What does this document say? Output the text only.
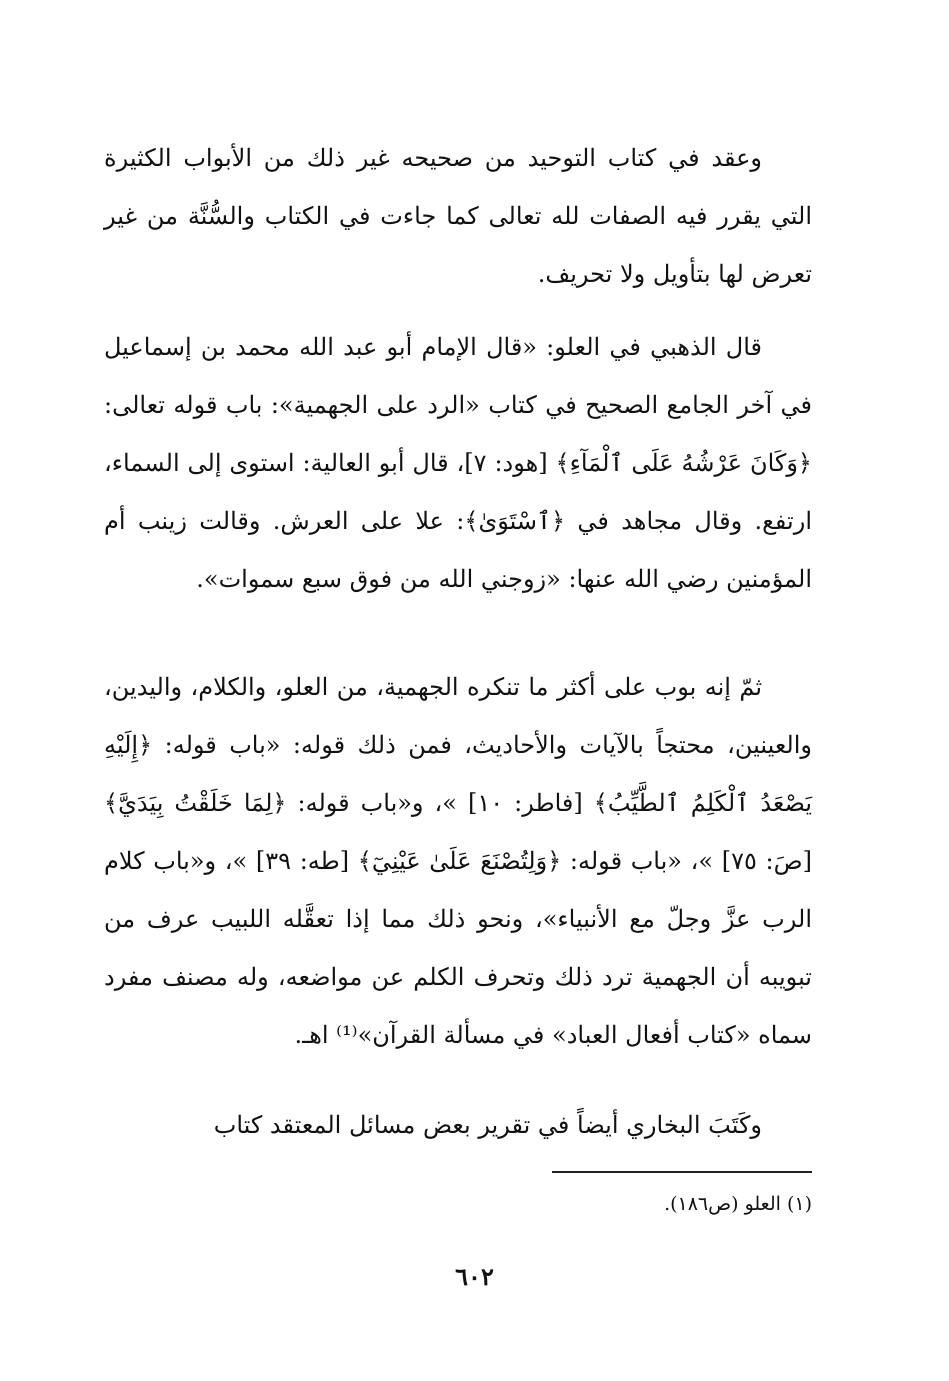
وعقد في كتاب التوحيد من صحيحه غير ذلك من الأبواب الكثيرة التي يقرر فيه الصفات لله تعالى كما جاءت في الكتاب والسُّنَّة من غير تعرض لها بتأويل ولا تحريف.

قال الذهبي في العلو: «قال الإمام أبو عبد الله محمد بن إسماعيل في آخر الجامع الصحيح في كتاب «الرد على الجهمية»: باب قوله تعالى: ﴿وَكَانَ عَرْشُهُ عَلَى ٱلْمَآءِ﴾ [هود: ٧]، قال أبو العالية: استوى إلى السماء، ارتفع. وقال مجاهد في ﴿ٱسْتَوَىٰ﴾: علا على العرش. وقالت زينب أم المؤمنين رضي الله عنها: «زوجني الله من فوق سبع سموات».

ثمّ إنه بوب على أكثر ما تنكره الجهمية، من العلو، والكلام، واليدين، والعينين، محتجاً بالآيات والأحاديث، فمن ذلك قوله: «باب قوله: ﴿إِلَيْهِ يَصْعَدُ ٱلْكَلِمُ ٱلطَّيِّبُ﴾ [فاطر: ١٠] »، و«باب قوله: ﴿لِمَا خَلَقْتُ بِيَدَيَّ﴾ [صَ: ٧٥] »، «باب قوله: ﴿وَلِتُصْنَعَ عَلَىٰ عَيْنِيٓ﴾ [طه: ٣٩] »، و«باب كلام الرب عزَّ وجلّ مع الأنبياء»، ونحو ذلك مما إذا تعقَّله اللبيب عرف من تبويبه أن الجهمية ترد ذلك وتحرف الكلم عن مواضعه، وله مصنف مفرد سماه «كتاب أفعال العباد» في مسألة القرآن»⁽¹⁾ اهـ.

وكَتَبَ البخاري أيضاً في تقرير بعض مسائل المعتقد كتاب

(١) العلو (ص١٨٦).
٦٠٢
